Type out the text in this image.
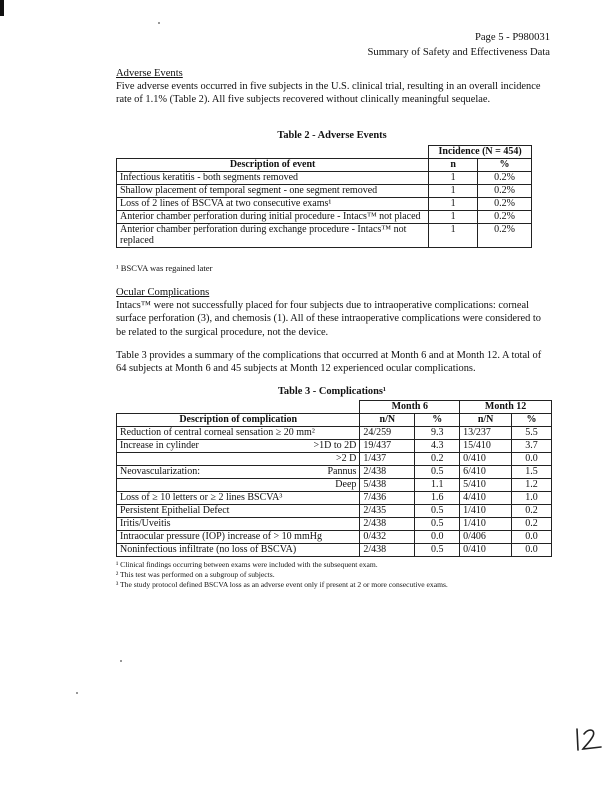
Page 5 - P980031
Summary of Safety and Effectiveness Data
Adverse Events
Five adverse events occurred in five subjects in the U.S. clinical trial, resulting in an overall incidence rate of 1.1% (Table 2). All five subjects recovered without clinically meaningful sequelae.
Table 2 - Adverse Events
	Incidence (N = 454)	
Description of event	n	%
Infectious keratitis - both segments removed	1	0.2%
Shallow placement of temporal segment - one segment removed	1	0.2%
Loss of 2 lines of BSCVA at two consecutive exams¹	1	0.2%
Anterior chamber perforation during initial procedure - Intacs™ not placed	1	0.2%
Anterior chamber perforation during exchange procedure - Intacs™ not replaced	1	0.2%
¹ BSCVA was regained later
Ocular Complications
Intacs™ were not successfully placed for four subjects due to intraoperative complications: corneal surface perforation (3), and chemosis (1). All of these intraoperative complications were considered to be related to the surgical procedure, not the device.
Table 3 provides a summary of the complications that occurred at Month 6 and at Month 12. A total of 64 subjects at Month 6 and 45 subjects at Month 12 experienced ocular complications.
Table 3 - Complications¹
		Month 6		Month 12	
Description of complication		n/N	%	n/N	%
Reduction of central corneal sensation ≥ 20 mm²		24/259	9.3	13/237	5.5
Increase in cylinder	>1D to 2D	19/437	4.3	15/410	3.7
	>2 D	1/437	0.2	0/410	0.0
Neovascularization:	Pannus	2/438	0.5	6/410	1.5
	Deep	5/438	1.1	5/410	1.2
Loss of ≥ 10 letters or ≥ 2 lines BSCVA³		7/436	1.6	4/410	1.0
Persistent Epithelial Defect		2/435	0.5	1/410	0.2
Iritis/Uveitis		2/438	0.5	1/410	0.2
Intraocular pressure (IOP) increase of > 10 mmHg		0/432	0.0	0/406	0.0
Noninfectious infiltrate (no loss of BSCVA)		2/438	0.5	0/410	0.0
¹ Clinical findings occurring between exams were included with the subsequent exam.
² This test was performed on a subgroup of subjects.
³ The study protocol defined BSCVA loss as an adverse event only if present at 2 or more consecutive exams.
